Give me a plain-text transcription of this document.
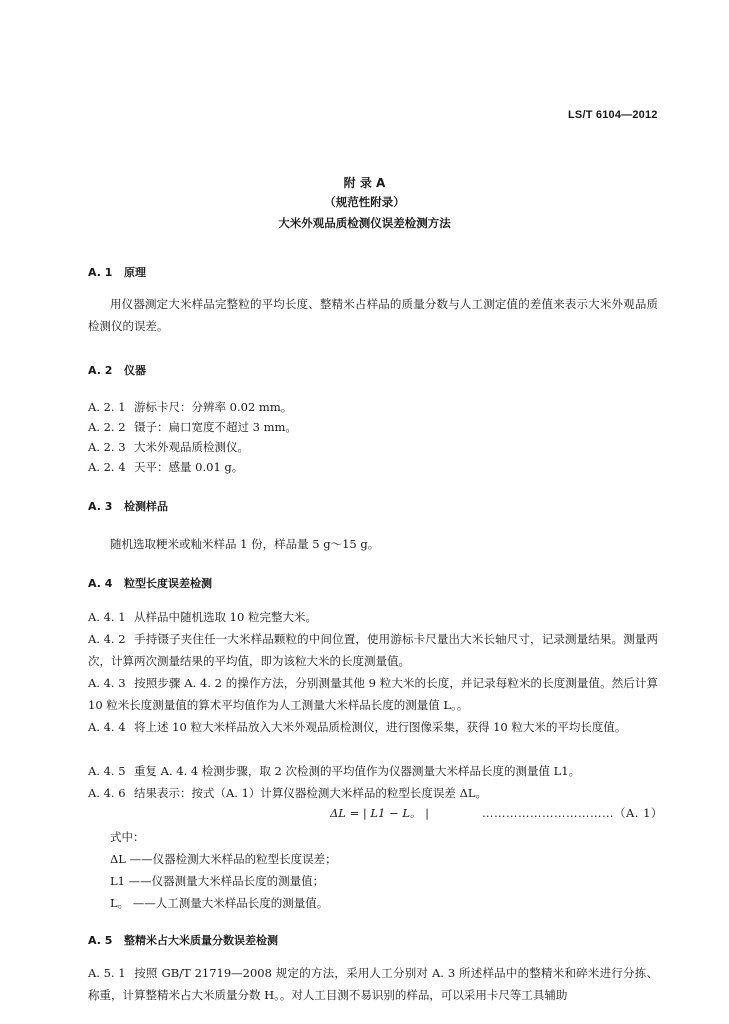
LS/T 6104—2012
附 录 A
（规范性附录）
大米外观品质检测仪误差检测方法
A. 1 原理
用仪器测定大米样品完整粒的平均长度、整精米占样品的质量分数与人工测定值的差值来表示大米外观品质检测仪的误差。
A. 2 仪器
A. 2. 1 游标卡尺：分辨率 0.02 mm。
A. 2. 2 镊子：扁口宽度不超过 3 mm。
A. 2. 3 大米外观品质检测仪。
A. 2. 4 天平：感量 0.01 g。
A. 3 检测样品
随机选取粳米或籼米样品 1 份，样品量 5 g～15 g。
A. 4 粒型长度误差检测
A. 4. 1 从样品中随机选取 10 粒完整大米。
A. 4. 2 手持镊子夹住任一大米样品颗粒的中间位置，使用游标卡尺量出大米长轴尺寸，记录测量结果。测量两次，计算两次测量结果的平均值，即为该粒大米的长度测量值。
A. 4. 3 按照步骤 A. 4. 2 的操作方法，分别测量其他 9 粒大米的长度，并记录每粒米的长度测量值。然后计算 10 粒米长度测量值的算术平均值作为人工测量大米样品长度的测量值 L。。
A. 4. 4 将上述 10 粒大米样品放入大米外观品质检测仪，进行图像采集，获得 10 粒大米的平均长度值。
A. 4. 5 重复 A. 4. 4 检测步骤，取 2 次检测的平均值作为仪器测量大米样品长度的测量值 L1。
A. 4. 6 结果表示：按式（A. 1）计算仪器检测大米样品的粒型长度误差 ΔL。
ΔL = | L1 − L。 |	……………………………（A. 1）
式中：
ΔL ——仪器检测大米样品的粒型长度误差；
L1 ——仪器测量大米样品长度的测量值；
L。 ——人工测量大米样品长度的测量值。
A. 5 整精米占大米质量分数误差检测
A. 5. 1 按照 GB/T 21719—2008 规定的方法，采用人工分别对 A. 3 所述样品中的整精米和碎米进行分拣、称重，计算整精米占大米质量分数 H。。对人工目测不易识别的样品，可以采用卡尺等工具辅助
